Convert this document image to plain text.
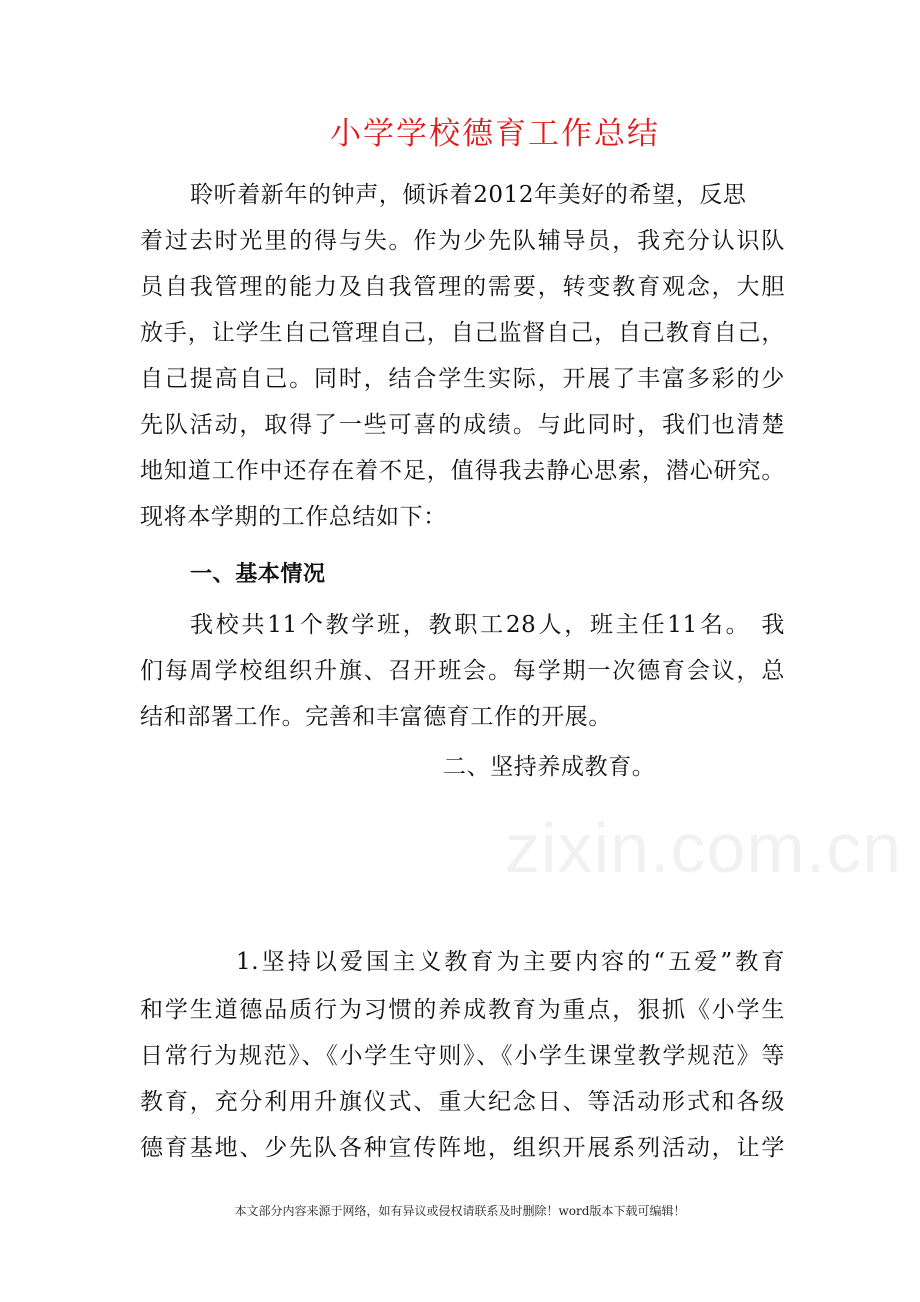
小学学校德育工作总结
聆听着新年的钟声，倾诉着2012年美好的希望，反思
着过去时光里的得与失。作为少先队辅导员，我充分认识队
员自我管理的能力及自我管理的需要，转变教育观念，大胆
放手，让学生自己管理自己，自己监督自己，自己教育自己，
自己提高自己。同时，结合学生实际，开展了丰富多彩的少
先队活动，取得了一些可喜的成绩。与此同时，我们也清楚
地知道工作中还存在着不足，值得我去静心思索，潜心研究。
现将本学期的工作总结如下：
一、基本情况
我校共11个教学班，教职工28人，班主任11名。 我
们每周学校组织升旗、召开班会。每学期一次德育会议，总
结和部署工作。完善和丰富德育工作的开展。
二、坚持养成教育。
zixin.com.cn
1.坚持以爱国主义教育为主要内容的“五爱”教育
和学生道德品质行为习惯的养成教育为重点，狠抓《小学生
日常行为规范》、《小学生守则》、《小学生课堂教学规范》等
教育，充分利用升旗仪式、重大纪念日、等活动形式和各级
德育基地、少先队各种宣传阵地，组织开展系列活动，让学
本文部分内容来源于网络，如有异议或侵权请联系及时删除！word版本下载可编辑！
